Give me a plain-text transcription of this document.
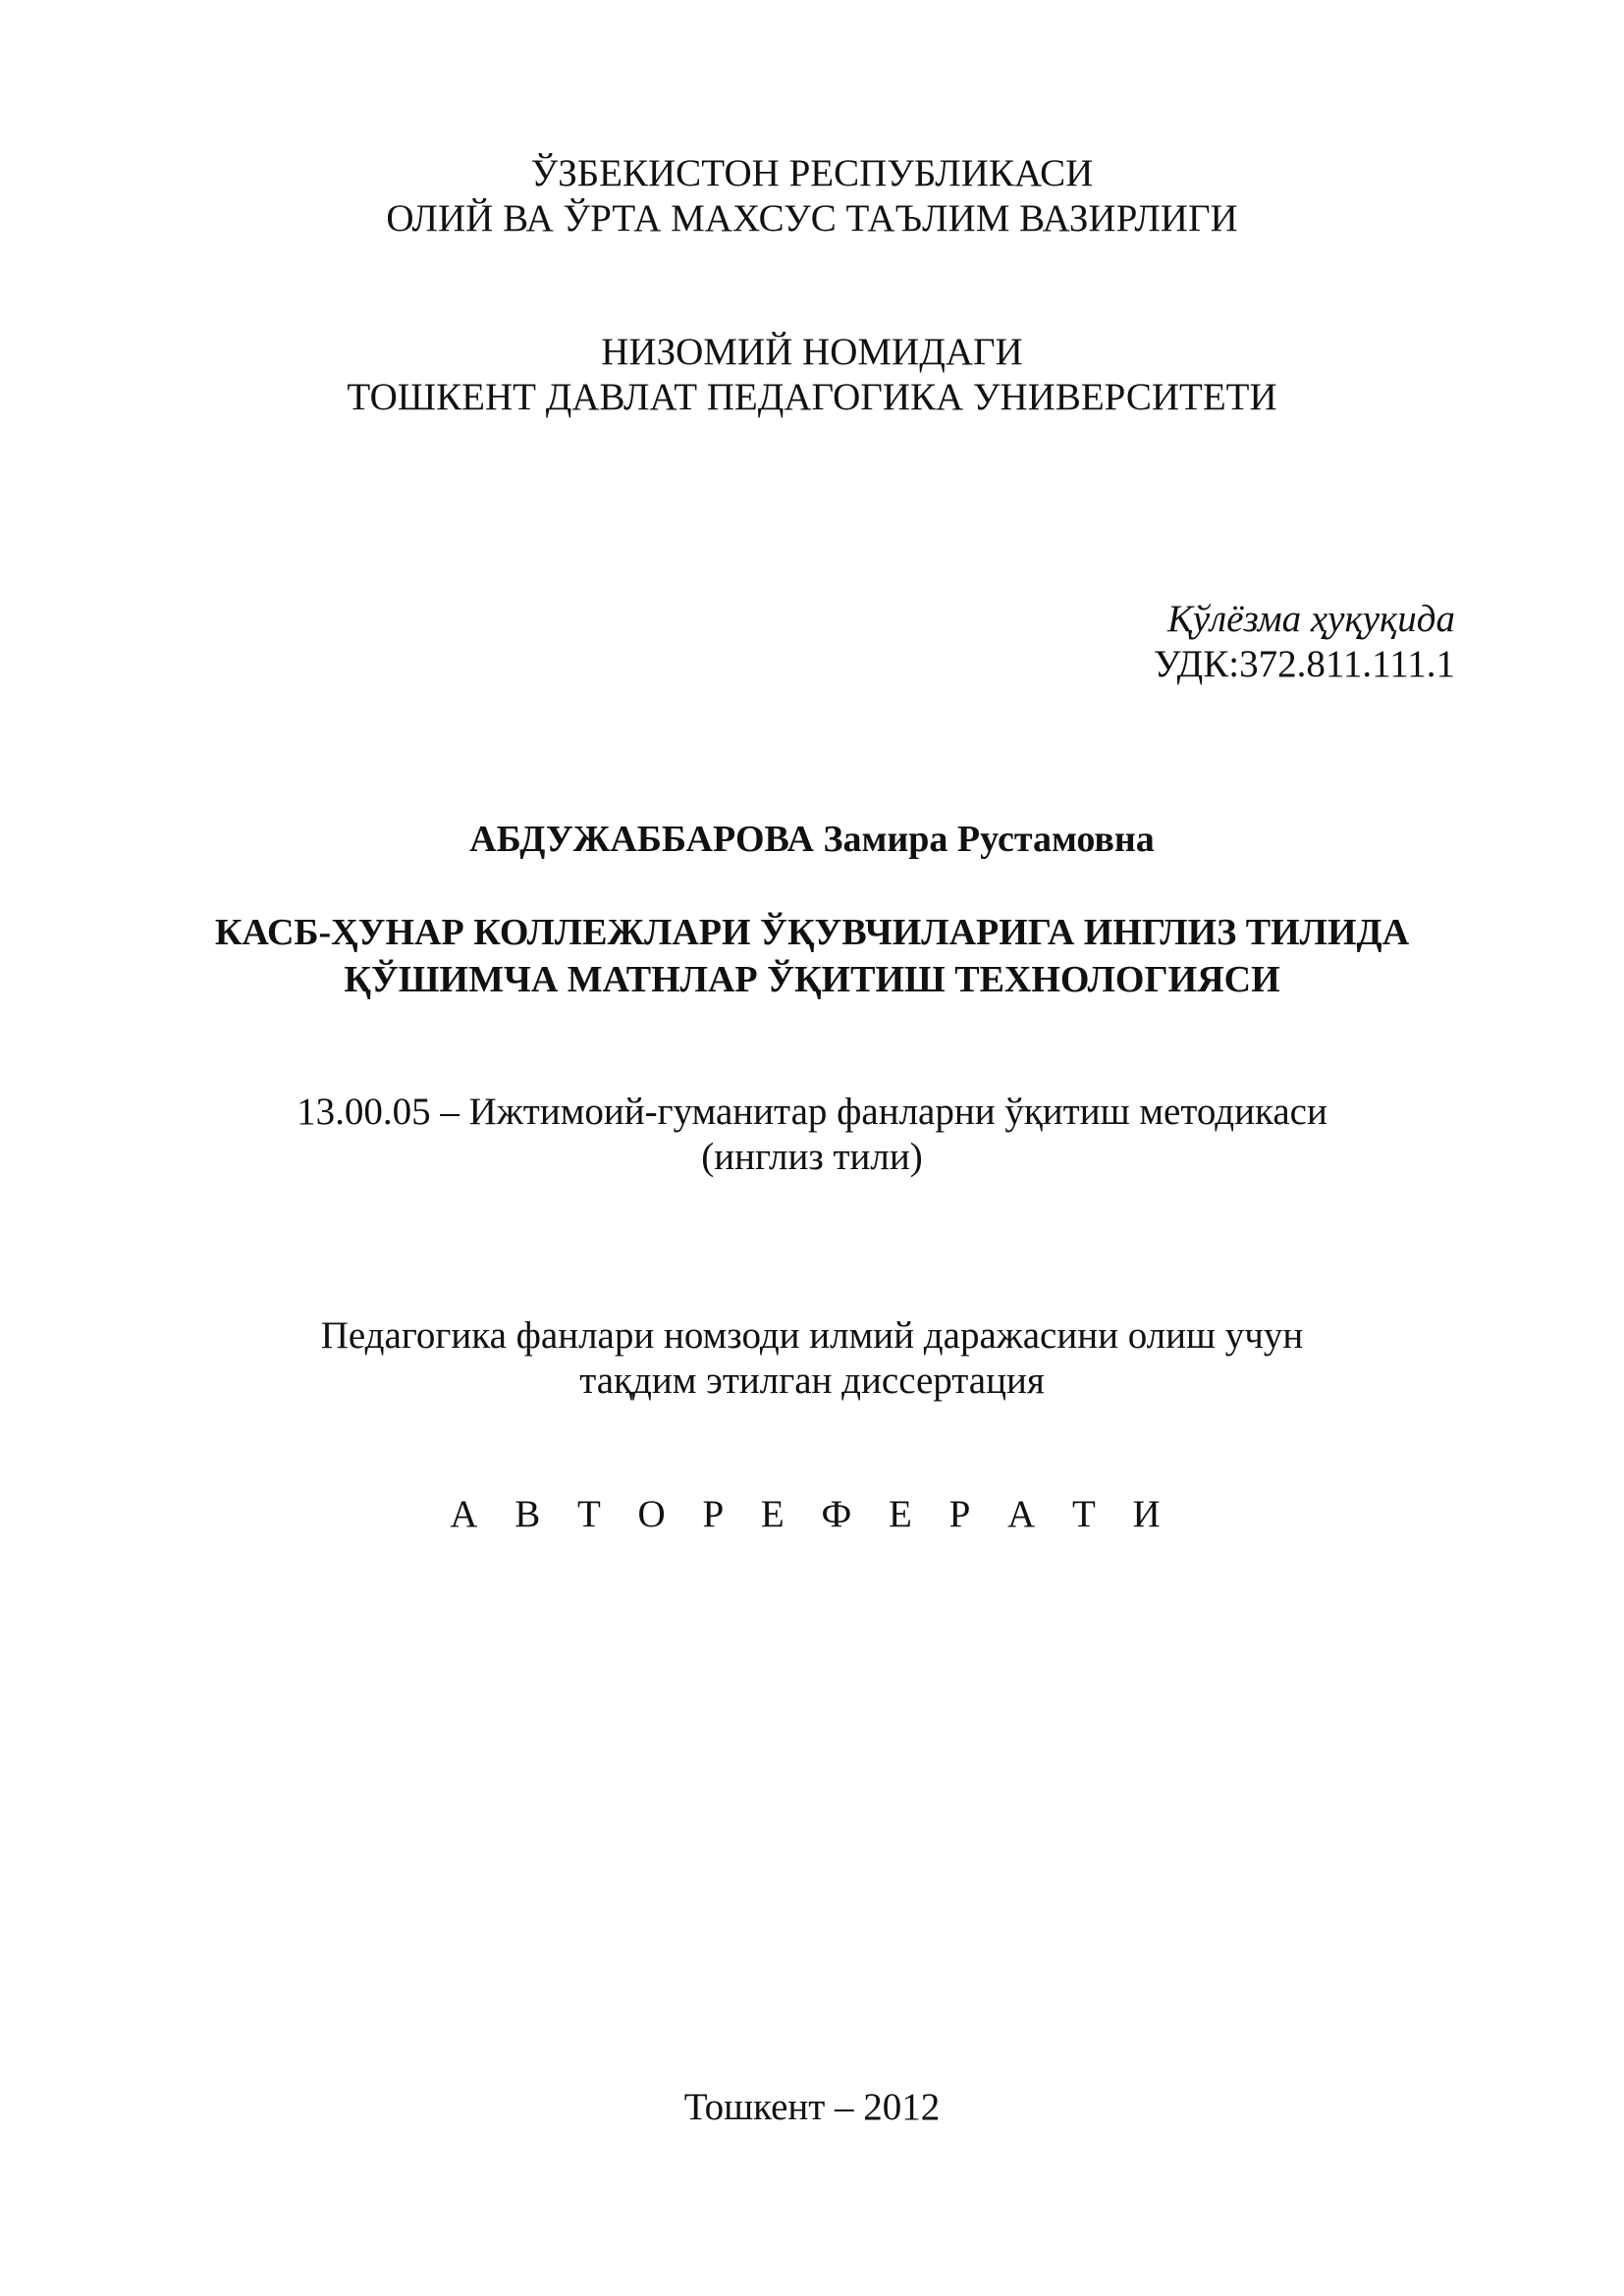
ЎЗБЕКИСТОН РЕСПУБЛИКАСИ
ОЛИЙ ВА ЎРТА МАХСУС ТАЪЛИМ ВАЗИРЛИГИ
НИЗОМИЙ НОМИДАГИ
ТОШКЕНТ ДАВЛАТ ПЕДАГОГИКА УНИВЕРСИТЕТИ
Қўлёзма ҳуқуқида
УДК:372.811.111.1
АБДУЖАББАРОВА Замира Рустамовна
КАСБ-ҲУНАР КОЛЛЕЖЛАРИ ЎҚУВЧИЛАРИГА ИНГЛИЗ ТИЛИДА
ҚЎШИМЧА МАТНЛАР ЎҚИТИШ ТЕХНОЛОГИЯСИ
13.00.05 – Ижтимоий-гуманитар фанларни ўқитиш методикаси
(инглиз тили)
Педагогика фанлари номзоди илмий даражасини олиш учун
тақдим этилган диссертация
А В Т О Р Е Ф Е Р А Т И
Тошкент – 2012
